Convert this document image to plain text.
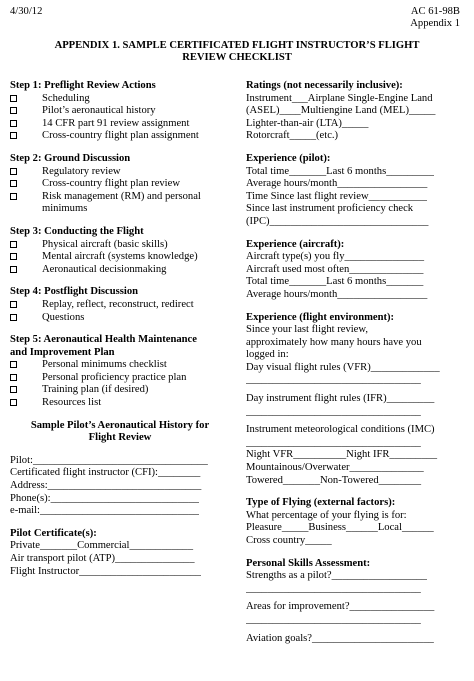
4/30/12	AC 61-98B
Appendix 1
APPENDIX 1. SAMPLE CERTIFICATED FLIGHT INSTRUCTOR’S FLIGHT
REVIEW CHECKLIST
Step 1: Preflight Review Actions
Scheduling
Pilot’s aeronautical history
14 CFR part 91 review assignment
Cross-country flight plan assignment
Step 2: Ground Discussion
Regulatory review
Cross-country flight plan review
Risk management (RM) and personal
minimums
Step 3: Conducting the Flight
Physical aircraft (basic skills)
Mental aircraft (systems knowledge)
Aeronautical decisionmaking
Step 4: Postflight Discussion
Replay, reflect, reconstruct, redirect
Questions
Step 5: Aeronautical Health Maintenance
and Improvement Plan
Personal minimums checklist
Personal proficiency practice plan
Training plan (if desired)
Resources list
Sample Pilot’s Aeronautical History for
Flight Review
Pilot:_________________________________
Certificated flight instructor (CFI):________
Address:_____________________________
Phone(s):____________________________
e-mail:______________________________
Pilot Certificate(s):
Private_______Commercial____________
Air transport pilot (ATP)_______________
Flight Instructor_______________________
Ratings (not necessarily inclusive):
Instrument___Airplane Single-Engine Land
(ASEL)____Multiengine Land (MEL)_____
Lighter-than-air (LTA)_____
Rotorcraft_____(etc.)
Experience (pilot):
Total time_______Last 6 months_________
Average hours/month_________________
Time Since last flight review___________
Since last instrument proficiency check
(IPC)______________________________
Experience (aircraft):
Aircraft type(s) you fly_______________
Aircraft used most often______________
Total time_______Last 6 months_______
Average hours/month_________________
Experience (flight environment):
Since your last flight review,
approximately how many hours have you
logged in:
Day visual flight rules (VFR)_____________
_________________________________
Day instrument flight rules (IFR)_________
_________________________________
Instrument meteorological conditions (IMC)
_________________________________
Night VFR__________Night IFR_________
Mountainous/Overwater______________
Towered_______Non-Towered________
Type of Flying (external factors):
What percentage of your flying is for:
Pleasure_____Business______Local______
Cross country_____
Personal Skills Assessment:
Strengths as a pilot?__________________
_________________________________
Areas for improvement?________________
_________________________________
Aviation goals?_______________________
